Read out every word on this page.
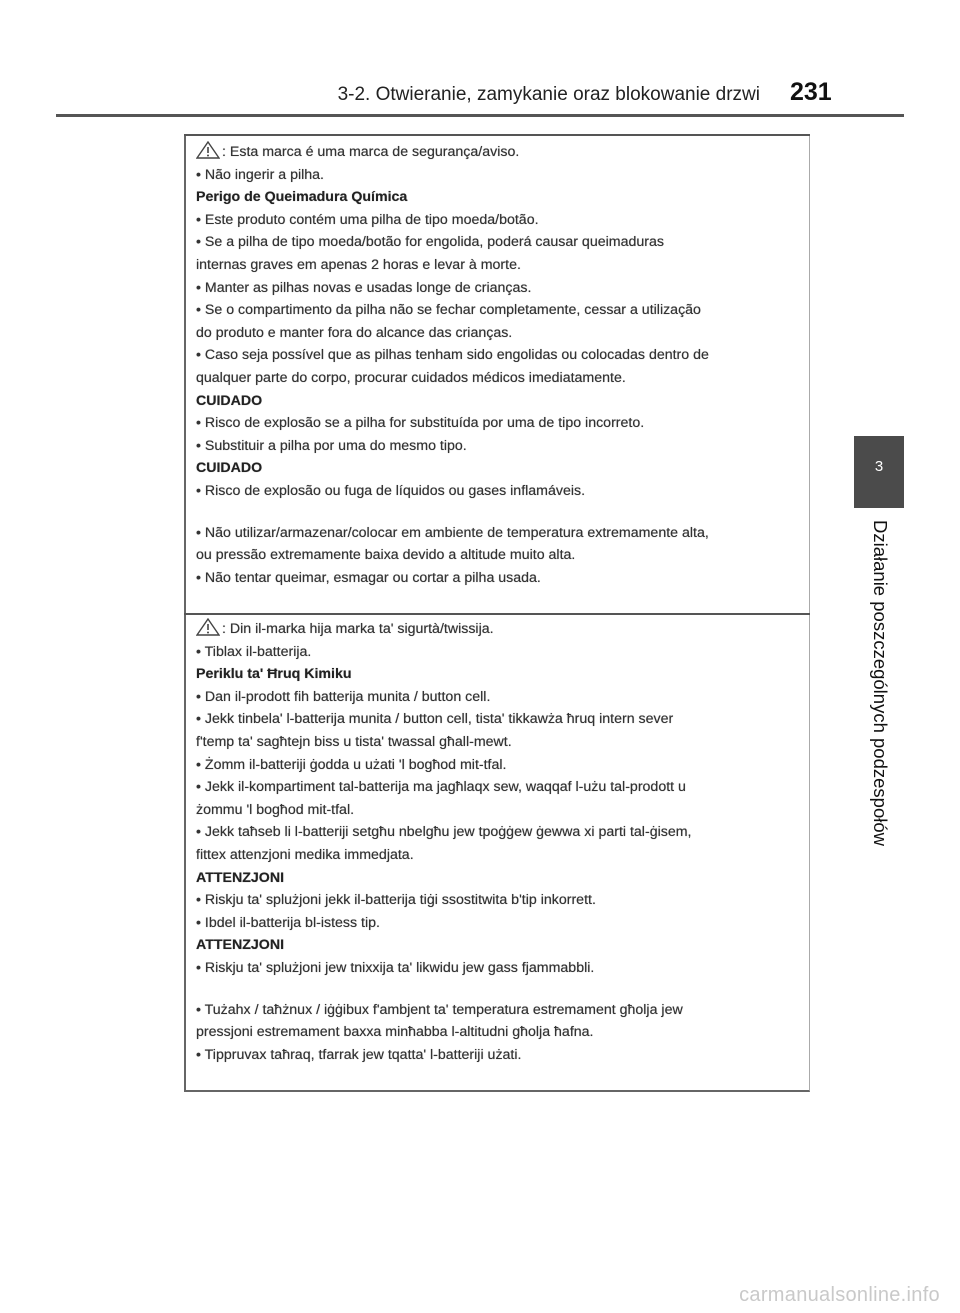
3-2. Otwieranie, zamykanie oraz blokowanie drzwi 231
3
Działanie poszczególnych podzespołów

: Esta marca é uma marca de segurança/aviso.

• Não ingerir a pilha.

Perigo de Queimadura Química

• Este produto contém uma pilha de tipo moeda/botão.

• Se a pilha de tipo moeda/botão for engolida, poderá causar queimaduras

internas graves em apenas 2 horas e levar à morte.

• Manter as pilhas novas e usadas longe de crianças.

• Se o compartimento da pilha não se fechar completamente, cessar a utilização

do produto e manter fora do alcance das crianças.

• Caso seja possível que as pilhas tenham sido engolidas ou colocadas dentro de

qualquer parte do corpo, procurar cuidados médicos imediatamente.

CUIDADO

• Risco de explosão se a pilha for substituída por uma de tipo incorreto.

• Substituir a pilha por uma do mesmo tipo.

CUIDADO

• Risco de explosão ou fuga de líquidos ou gases inflamáveis.

• Não utilizar/armazenar/colocar em ambiente de temperatura extremamente alta,

ou pressão extremamente baixa devido a altitude muito alta.

• Não tentar queimar, esmagar ou cortar a pilha usada.

: Din il-marka hija marka ta' sigurtà/twissija.

• Tiblax il-batterija.

Periklu ta' Ħruq Kimiku

• Dan il-prodott fih batterija munita / button cell.

• Jekk tinbela' l-batterija munita / button cell, tista' tikkawża ħruq intern sever

f'temp ta' sagħtejn biss u tista' twassal għall-mewt.

• Żomm il-batteriji ġodda u użati 'l bogħod mit-tfal.

• Jekk il-kompartiment tal-batterija ma jagħlaqx sew, waqqaf l-użu tal-prodott u

żommu 'l bogħod mit-tfal.

• Jekk taħseb li l-batteriji setgħu nbelgħu jew tpoġġew ġewwa xi parti tal-ġisem,

fittex attenzjoni medika immedjata.

ATTENZJONI

• Riskju ta' splużjoni jekk il-batterija tiġi ssostitwita b'tip inkorrett.

• Ibdel il-batterija bl-istess tip.

ATTENZJONI

• Riskju ta' splużjoni jew tnixxija ta' likwidu jew gass fjammabbli.

• Tużahx / taħżnux / iġġibux f'ambjent ta' temperatura estremament għolja jew

pressjoni estremament baxxa minħabba l-altitudni għolja ħafna.

• Tippruvax taħraq, tfarrak jew tqatta' l-batteriji użati.

carmanualsonline.info
